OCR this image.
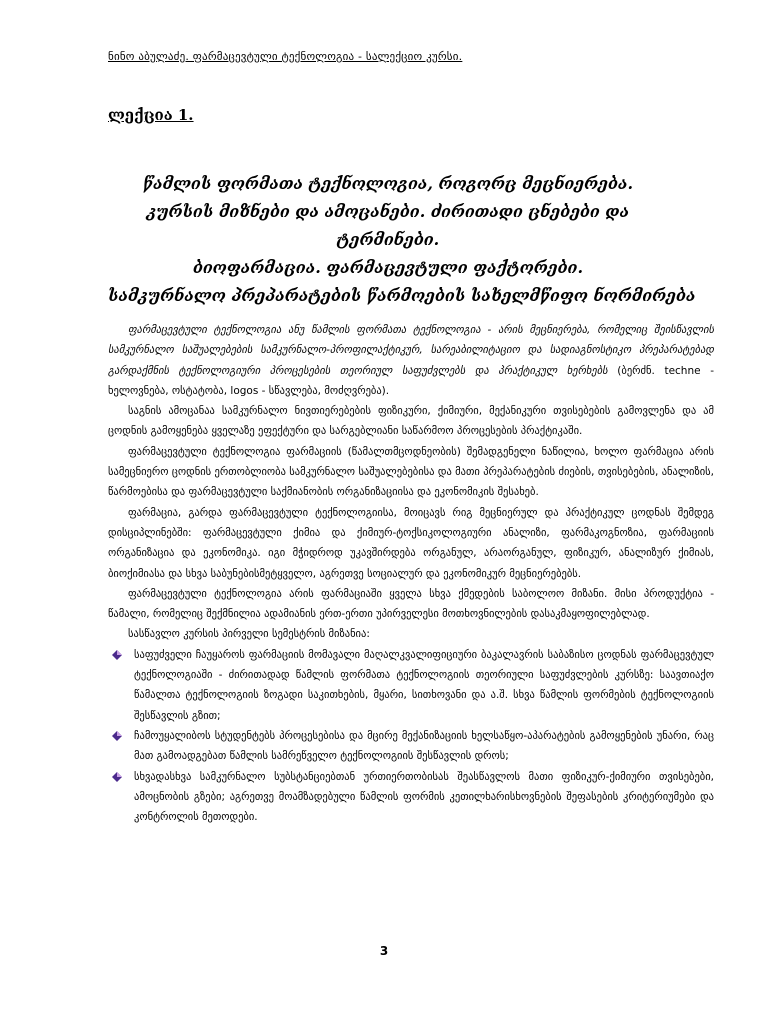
ნინო აბულაძე. ფარმაცევტული ტექნოლოგია - სალექციო კურსი.
ლექცია 1.
წამლის ფორმათა ტექნოლოგია, როგორც მეცნიერება.
კურსის მიზნები და ამოცანები. ძირითადი ცნებები და
ტერმინები.
ბიოფარმაცია. ფარმაცევტული ფაქტორები.
სამკურნალო პრეპარატების წარმოების სახელმწიფო ნორმირება

ფარმაცევტული ტექნოლოგია ანუ წამლის ფორმათა ტექნოლოგია - არის მეცნიერება, რომელიც შეისწავლის სამკურნალო საშუალებების სამკურნალო-პროფილაქტიკურ, სარეაბილიტაციო და სადიაგნოსტიკო პრეპარატებად გარდაქმნის ტექნოლოგიური პროცესების თეორიულ საფუძვლებს და პრაქტიკულ ხერხებს (ბერძნ. techne - ხელოვნება, ოსტატობა, logos - სწავლება, მოძღვრება).

საგნის ამოცანაა სამკურნალო ნივთიერებების ფიზიკური, ქიმიური, მექანიკური თვისებების გამოვლენა და ამ ცოდნის გამოყენება ყველაზე ეფექტური და სარგებლიანი საწარმოო პროცესების პრაქტიკაში.

ფარმაცევტული ტექნოლოგია ფარმაციის (წამალთმცოდნეობის) შემადგენელი ნაწილია, ხოლო ფარმაცია არის სამეცნიერო ცოდნის ერთობლიობა სამკურნალო საშუალებებისა და მათი პრეპარატების ძიების, თვისებების, ანალიზის, წარმოებისა და ფარმაცევტული საქმიანობის ორგანიზაციისა და ეკონომიკის შესახებ.

ფარმაცია, გარდა ფარმაცევტული ტექნოლოგიისა, მოიცავს რიგ მეცნიერულ და პრაქტიკულ ცოდნას შემდეგ დისციპლინებში: ფარმაცევტული ქიმია და ქიმიურ-ტოქსიკოლოგიური ანალიზი, ფარმაკოგნოზია, ფარმაციის ორგანიზაცია და ეკონომიკა. იგი მჭიდროდ უკავშირდება ორგანულ, არაორგანულ, ფიზიკურ, ანალიზურ ქიმიას, ბიოქიმიასა და სხვა საბუნებისმეტყველო, აგრეთვე სოციალურ და ეკონომიკურ მეცნიერებებს.

ფარმაცევტული ტექნოლოგია არის ფარმაციაში ყველა სხვა ქმედების საბოლოო მიზანი. მისი პროდუქტია - წამალი, რომელიც შექმნილია ადამიანის ერთ-ერთი უპირველესი მოთხოვნილების დასაკმაყოფილებლად.

სასწავლო კურსის პირველი სემესტრის მიზანია:

საფუძველი ჩაუყაროს ფარმაციის მომავალი მაღალკვალიფიციური ბაკალავრის საბაზისო ცოდნას ფარმაცევტულ ტექნოლოგიაში - ძირითადად წამლის ფორმათა ტექნოლოგიის თეორიული საფუძვლების კურსზე: საავთიაქო წამალთა ტექნოლოგიის ზოგადი საკითხების, მყარი, სითხოვანი და ა.შ. სხვა წამლის ფორმების ტექნოლოგიის შესწავლის გზით;
ჩამოუყალიბოს სტუდენტებს პროცესებისა და მცირე მექანიზაციის ხელსაწყო-აპარატების გამოყენების უნარი, რაც მათ გამოადგებათ წამლის სამრეწველო ტექნოლოგიის შესწავლის დროს;
სხვადასხვა სამკურნალო სუბსტანციებთან ურთიერთობისას შეასწავლოს მათი ფიზიკურ-ქიმიური თვისებები, ამოცნობის გზები; აგრეთვე მოამზადებული წამლის ფორმის კეთილხარისხოვნების შეფასების კრიტერიუმები და კონტროლის მეთოდები.
3
